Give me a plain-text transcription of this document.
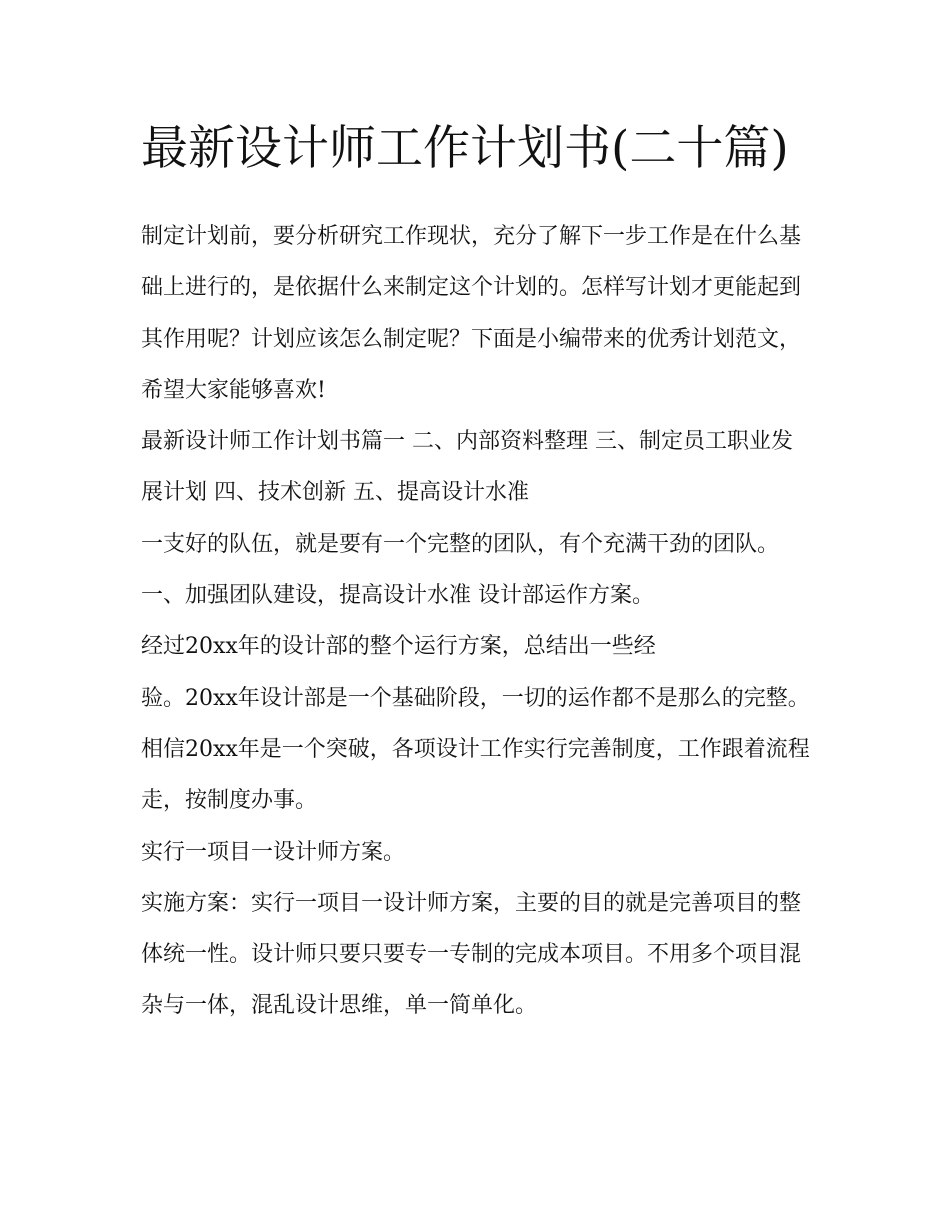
最新设计师工作计划书(二十篇)

制定计划前，要分析研究工作现状，充分了解下一步工作是在什么基础上进行的，是依据什么来制定这个计划的。怎样写计划才更能起到其作用呢？计划应该怎么制定呢？下面是小编带来的优秀计划范文，希望大家能够喜欢!

最新设计师工作计划书篇一 二、内部资料整理 三、制定员工职业发展计划 四、技术创新 五、提高设计水准

一支好的队伍，就是要有一个完整的团队，有个充满干劲的团队。 一、加强团队建设，提高设计水准 设计部运作方案。

经过20xx年的设计部的整个运行方案，总结出一些经

验。20xx年设计部是一个基础阶段，一切的运作都不是那么的完整。相信20xx年是一个突破，各项设计工作实行完善制度，工作跟着流程走，按制度办事。

实行一项目一设计师方案。

实施方案：实行一项目一设计师方案，主要的目的就是完善项目的整体统一性。设计师只要只要专一专制的完成本项目。不用多个项目混杂与一体，混乱设计思维，单一简单化。
